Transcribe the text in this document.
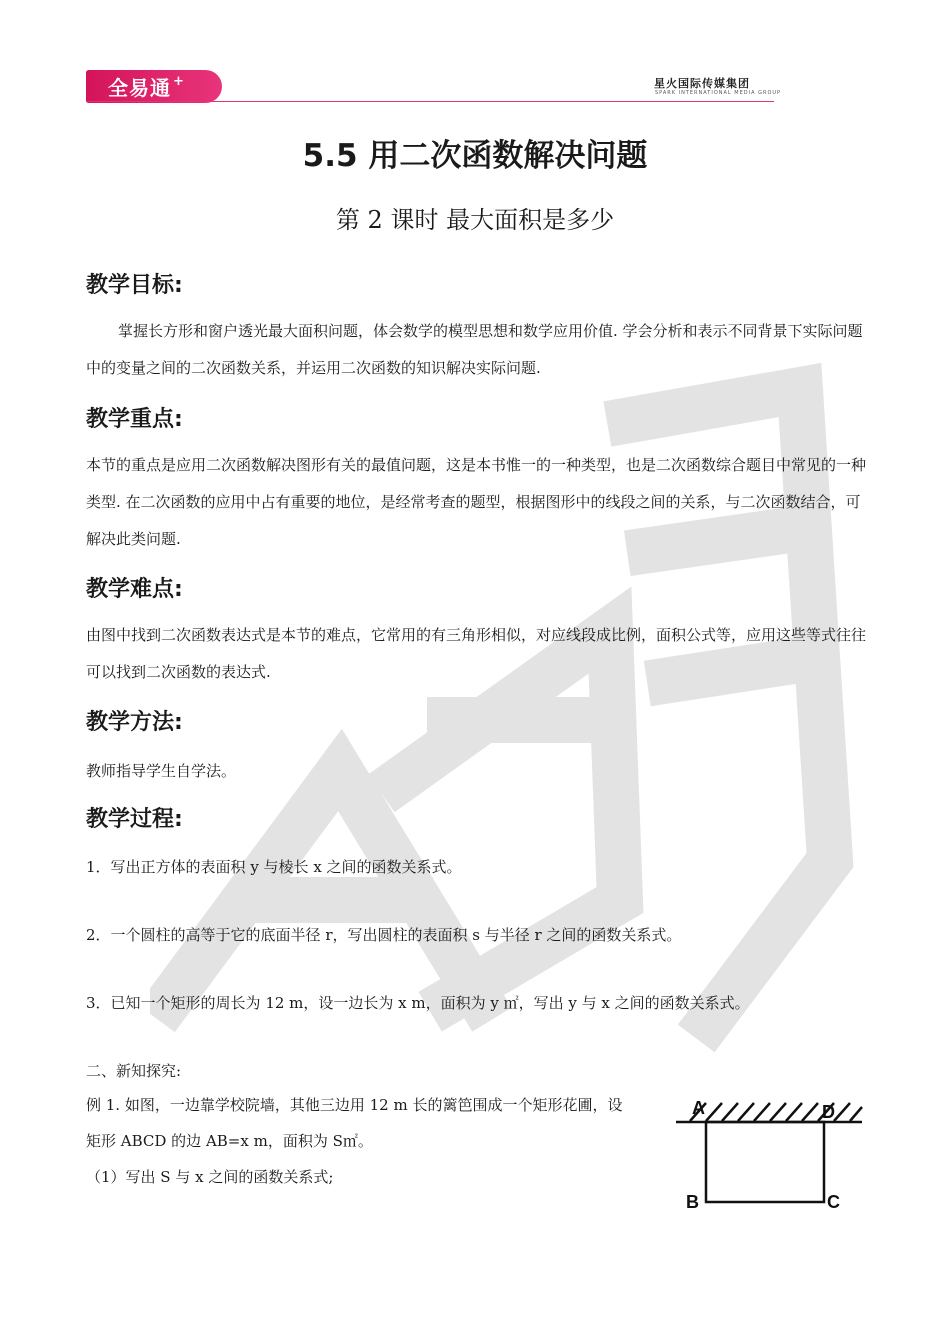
全易通 +	星火国际传媒集团
SPARK INTERNATIONAL MEDIA GROUP
5.5 用二次函数解决问题
第 2 课时 最大面积是多少
教学目标:
掌握长方形和窗户透光最大面积问题，体会数学的模型思想和数学应用价值. 学会分析和表示不同背景下实际问题中的变量之间的二次函数关系，并运用二次函数的知识解决实际问题.
教学重点:
本节的重点是应用二次函数解决图形有关的最值问题，这是本书惟一的一种类型，也是二次函数综合题目中常见的一种类型. 在二次函数的应用中占有重要的地位，是经常考查的题型，根据图形中的线段之间的关系，与二次函数结合，可解决此类问题.
教学难点:
由图中找到二次函数表达式是本节的难点，它常用的有三角形相似，对应线段成比例，面积公式等，应用这些等式往往可以找到二次函数的表达式.
教学方法:
教师指导学生自学法。
教学过程:
1．写出正方体的表面积 y 与棱长 x 之间的函数关系式。
2．一个圆柱的高等于它的底面半径 r，写出圆柱的表面积 s 与半径 r 之间的函数关系式。
3．已知一个矩形的周长为 12 m，设一边长为 x m，面积为 y ㎡，写出 y 与 x 之间的函数关系式。
二、新知探究:
例 1. 如图，一边靠学校院墙，其他三边用 12 m 长的篱笆围成一个矩形花圃，设
矩形 ABCD 的边 AB=x m，面积为 S㎡。
（1）写出 S 与 x 之间的函数关系式;
A	D
B	C
